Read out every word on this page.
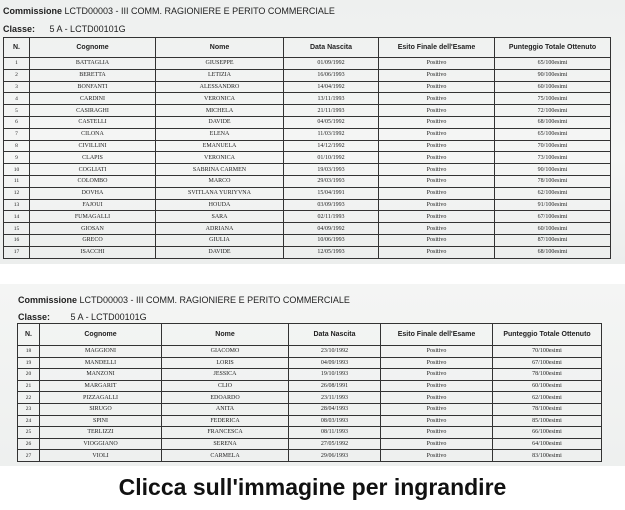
Commissione LCTD00003 - III COMM. RAGIONIERE E PERITO COMMERCIALE
Classe: 5 A - LCTD00101G
N.	Cognome	Nome	Data Nascita	Esito Finale dell'Esame	Punteggio Totale Ottenuto
1	BATTAGLIA	GIUSEPPE	01/09/1992	Positivo	65/100esimi
2	BERETTA	LETIZIA	16/06/1993	Positivo	90/100esimi
3	BONFANTI	ALESSANDRO	14/04/1992	Positivo	60/100esimi
4	CARDINI	VERONICA	13/11/1993	Positivo	75/100esimi
5	CASIRAGHI	MICHELA	21/11/1993	Positivo	72/100esimi
6	CASTELLI	DAVIDE	04/05/1992	Positivo	68/100esimi
7	CILONA	ELENA	11/03/1992	Positivo	65/100esimi
8	CIVILLINI	EMANUELA	14/12/1992	Positivo	70/100esimi
9	CLAPIS	VERONICA	01/10/1992	Positivo	73/100esimi
10	COGLIATI	SABRINA CARMEN	19/03/1993	Positivo	90/100esimi
11	COLOMBO	MARCO	29/03/1993	Positivo	78/100esimi
12	DOVHA	SVITLANA YURIYVNA	15/04/1991	Positivo	62/100esimi
13	FAJOUI	HOUDA	03/09/1993	Positivo	91/100esimi
14	FUMAGALLI	SARA	02/11/1993	Positivo	67/100esimi
15	GIOSAN	ADRIANA	04/09/1992	Positivo	60/100esimi
16	GRECO	GIULIA	10/06/1993	Positivo	87/100esimi
17	ISACCHI	DAVIDE	12/05/1993	Positivo	68/100esimi
Commissione LCTD00003 - III COMM. RAGIONIERE E PERITO COMMERCIALE
Classe: 5 A - LCTD00101G
N.	Cognome	Nome	Data Nascita	Esito Finale dell'Esame	Punteggio Totale Ottenuto
18	MAGGIONI	GIACOMO	23/10/1992	Positivo	70/100esimi
19	MANDELLI	LORIS	04/09/1993	Positivo	67/100esimi
20	MANZONI	JESSICA	19/10/1993	Positivo	78/100esimi
21	MARGARIT	CLIO	26/08/1991	Positivo	60/100esimi
22	PIZZAGALLI	EDOARDO	23/11/1993	Positivo	62/100esimi
23	SIRUGO	ANITA	28/04/1993	Positivo	78/100esimi
24	SPINI	FEDERICA	08/03/1993	Positivo	85/100esimi
25	TERLIZZI	FRANCESCA	08/11/1993	Positivo	66/100esimi
26	VIOGGIANO	SERENA	27/05/1992	Positivo	64/100esimi
27	VIOLI	CARMELA	29/06/1993	Positivo	83/100esimi
Clicca sull'immagine per ingrandire
